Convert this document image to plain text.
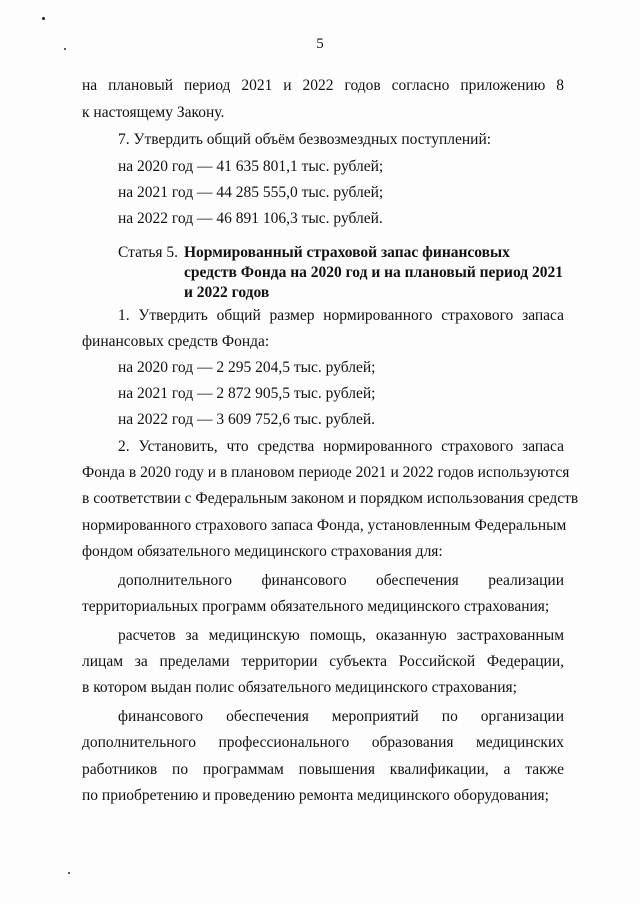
5
на плановый период 2021 и 2022 годов согласно приложению 8
к настоящему Закону.
7. Утвердить общий объём безвозмездных поступлений:
на 2020 год — 41 635 801,1 тыс. рублей;
на 2021 год — 44 285 555,0 тыс. рублей;
на 2022 год — 46 891 106,3 тыс. рублей.
Статья 5. Нормированный страховой запас финансовых средств Фонда на 2020 год и на плановый период 2021 и 2022 годов
1. Утвердить общий размер нормированного страхового запаса
финансовых средств Фонда:
на 2020 год — 2 295 204,5 тыс. рублей;
на 2021 год — 2 872 905,5 тыс. рублей;
на 2022 год — 3 609 752,6 тыс. рублей.
2. Установить, что средства нормированного страхового запаса
Фонда в 2020 году и в плановом периоде 2021 и 2022 годов используются
в соответствии с Федеральным законом и порядком использования средств
нормированного страхового запаса Фонда, установленным Федеральным
фондом обязательного медицинского страхования для:
дополнительного финансового обеспечения реализации
территориальных программ обязательного медицинского страхования;
расчетов за медицинскую помощь, оказанную застрахованным
лицам за пределами территории субъекта Российской Федерации,
в котором выдан полис обязательного медицинского страхования;
финансового обеспечения мероприятий по организации
дополнительного профессионального образования медицинских
работников по программам повышения квалификации, а также
по приобретению и проведению ремонта медицинского оборудования;
